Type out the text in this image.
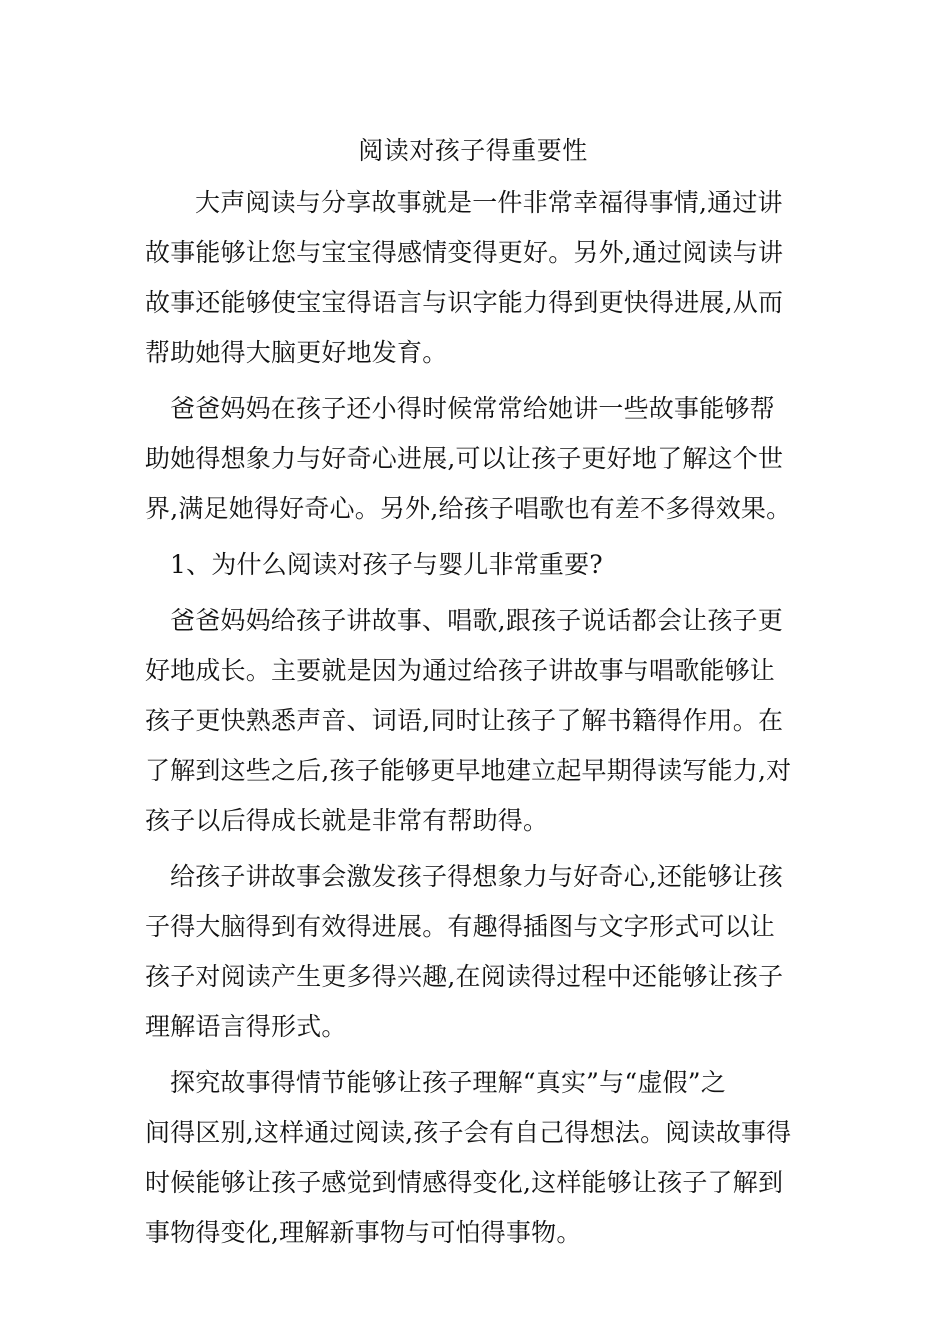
阅读对孩子得重要性
大声阅读与分享故事就是一件非常幸福得事情,通过讲
故事能够让您与宝宝得感情变得更好。另外,通过阅读与讲
故事还能够使宝宝得语言与识字能力得到更快得进展,从而
帮助她得大脑更好地发育。
爸爸妈妈在孩子还小得时候常常给她讲一些故事能够帮
助她得想象力与好奇心进展,可以让孩子更好地了解这个世
界,满足她得好奇心。另外,给孩子唱歌也有差不多得效果。
1、为什么阅读对孩子与婴儿非常重要?
爸爸妈妈给孩子讲故事、唱歌,跟孩子说话都会让孩子更
好地成长。主要就是因为通过给孩子讲故事与唱歌能够让
孩子更快熟悉声音、词语,同时让孩子了解书籍得作用。在
了解到这些之后,孩子能够更早地建立起早期得读写能力,对
孩子以后得成长就是非常有帮助得。
给孩子讲故事会激发孩子得想象力与好奇心,还能够让孩
子得大脑得到有效得进展。有趣得插图与文字形式可以让
孩子对阅读产生更多得兴趣,在阅读得过程中还能够让孩子
理解语言得形式。
探究故事得情节能够让孩子理解“真实”与“虚假”之
间得区别,这样通过阅读,孩子会有自己得想法。阅读故事得
时候能够让孩子感觉到情感得变化,这样能够让孩子了解到
事物得变化,理解新事物与可怕得事物。
